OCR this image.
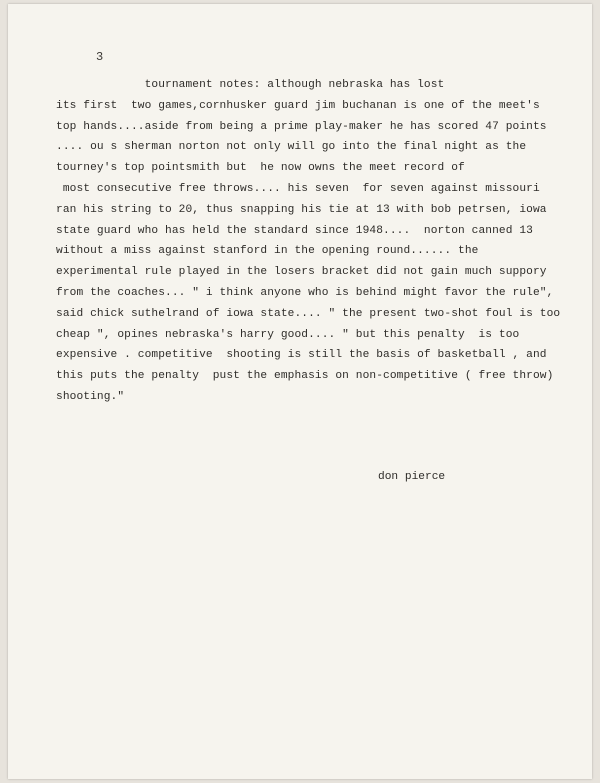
3
tournament notes: although nebraska has lost
its first  two games,cornhusker guard jim buchanan is one of the meet's
top hands....aside from being a prime play-maker he has scored 47 points
.... ou s sherman norton not only will go into the final night as the
tourney's top pointsmith but  he now owns the meet record of
most consecutive free throws.... his seven  for seven against missouri
ran his string to 20, thus snapping his tie at 13 with bob petrsen, iowa
state guard who has held the standard since 1948....  norton canned 13
without a miss against stanford in the opening round...... the
experimental rule played in the losers bracket did not gain much suppory
from the coaches... " i think anyone who is behind might favor the rule",
said chick suthelrand of iowa state.... " the present two-shot foul is too
cheap ", opines nebraska's harry good.... " but this penalty  is too
expensive . competitive  shooting is still the basis of basketball , and
this puts the penalty  pust the emphasis on non-competitive ( free throw)
shooting."
don pierce
